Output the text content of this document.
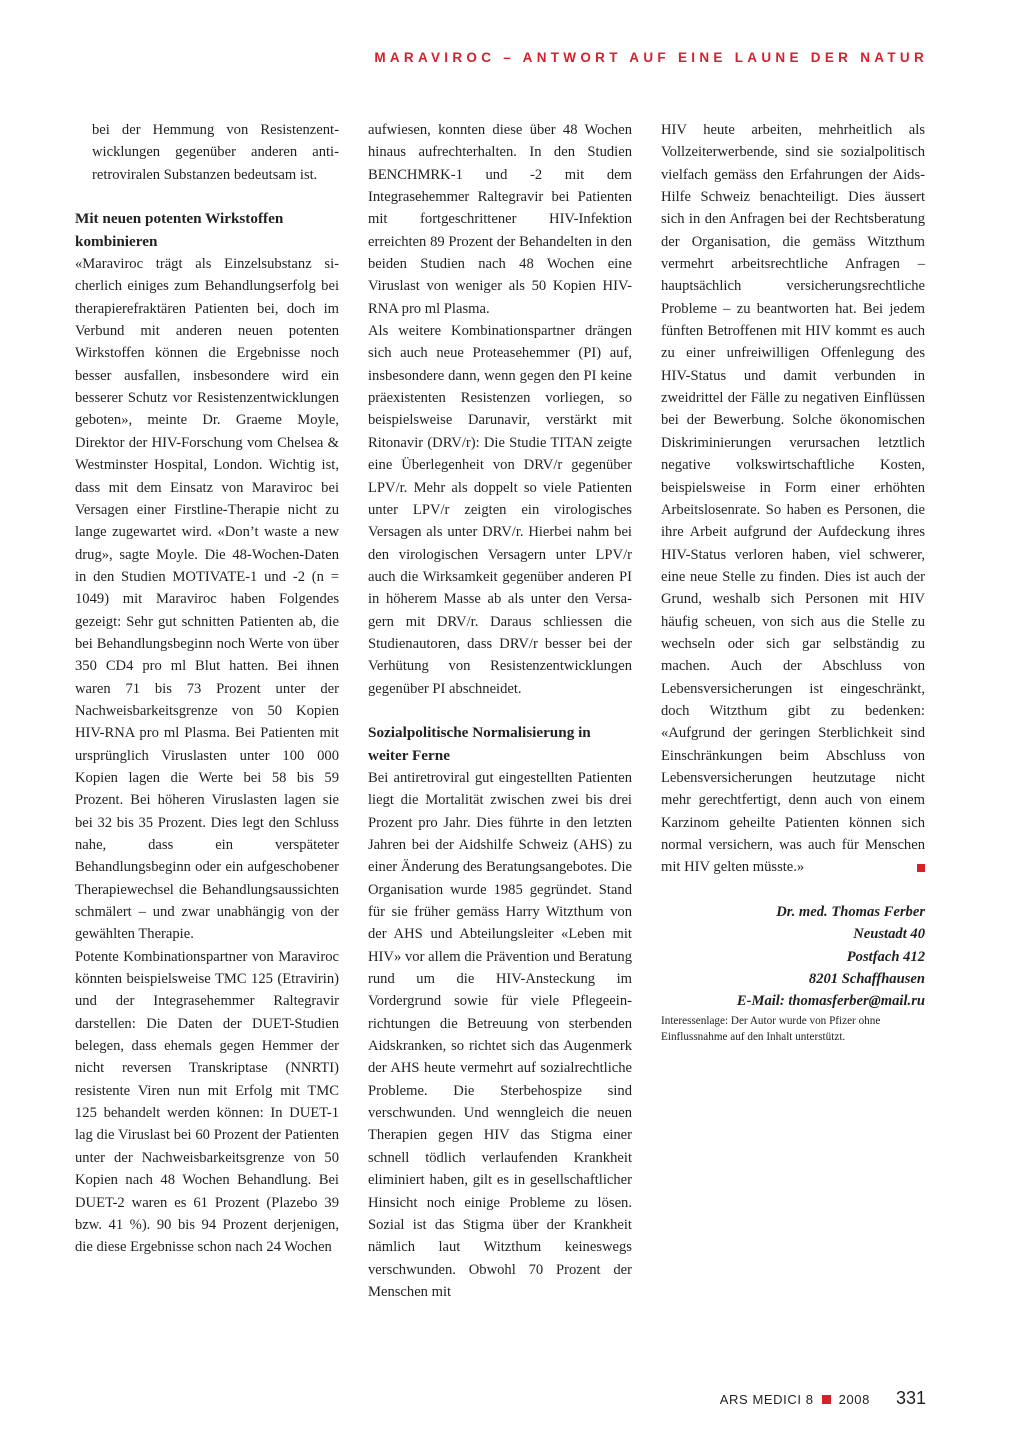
MARAVIROC – ANTWORT AUF EINE LAUNE DER NATUR

bei der Hemmung von Resistenzentwicklungen gegenüber anderen antiretroviralen Substanzen bedeutsam ist.

Mit neuen potenten Wirkstoffen kombinieren

«Maraviroc trägt als Einzelsubstanz sicherlich einiges zum Behandlungserfolg bei therapierefraktären Patienten bei, doch im Verbund mit anderen neuen potenten Wirkstoffen können die Ergebnisse noch besser ausfallen, insbesondere wird ein besserer Schutz vor Resistenzentwicklungen geboten», meinte Dr. Graeme Moyle, Direktor der HIV-Forschung vom Chelsea & Westminster Hospital, London. Wichtig ist, dass mit dem Einsatz von Maraviroc bei Versagen einer Firstline-Therapie nicht zu lange zugewartet wird. «Don’t waste a new drug», sagte Moyle. Die 48-Wochen-Daten in den Studien MOTIVATE-1 und -2 (n = 1049) mit Maraviroc haben Folgendes gezeigt: Sehr gut schnitten Patienten ab, die bei Behandlungsbeginn noch Werte von über 350 CD4 pro ml Blut hatten. Bei ihnen waren 71 bis 73 Prozent unter der Nachweisbarkeitsgrenze von 50 Kopien HIV-RNA pro ml Plasma. Bei Patienten mit ursprünglich Viruslasten unter 100 000 Kopien lagen die Werte bei 58 bis 59 Prozent. Bei höheren Viruslasten lagen sie bei 32 bis 35 Prozent. Dies legt den Schluss nahe, dass ein verspäteter Behandlungsbeginn oder ein aufgeschobener Therapiewechsel die Behandlungsaussichten schmälert – und zwar unabhängig von der gewählten Therapie.

Potente Kombinationspartner von Maraviroc könnten beispielsweise TMC 125 (Etravirin) und der Integrasehemmer Raltegravir darstellen: Die Daten der DUET-Studien belegen, dass ehemals gegen Hemmer der nicht reversen Transkriptase (NNRTI) resistente Viren nun mit Erfolg mit TMC 125 behandelt werden können: In DUET-1 lag die Viruslast bei 60 Prozent der Patienten unter der Nachweisbarkeitsgrenze von 50 Kopien nach 48 Wochen Behandlung. Bei DUET-2 waren es 61 Prozent (Plazebo 39 bzw. 41 %). 90 bis 94 Prozent derjenigen, die diese Ergebnisse schon nach 24 Wochen

aufwiesen, konnten diese über 48 Wochen hinaus aufrechterhalten. In den Studien BENCHMRK-1 und -2 mit dem Integrasehemmer Raltegravir bei Patienten mit fortgeschrittener HIV-Infektion erreichten 89 Prozent der Behandelten in den beiden Studien nach 48 Wochen eine Viruslast von weniger als 50 Kopien HIV-RNA pro ml Plasma.

Als weitere Kombinationspartner drängen sich auch neue Proteasehemmer (PI) auf, insbesondere dann, wenn gegen den PI keine präexistenten Resistenzen vorliegen, so beispielsweise Darunavir, verstärkt mit Ritonavir (DRV/r): Die Studie TITAN zeigte eine Überlegenheit von DRV/r gegenüber LPV/r. Mehr als doppelt so viele Patienten unter LPV/r zeigten ein virologisches Versagen als unter DRV/r. Hierbei nahm bei den virologischen Versagern unter LPV/r auch die Wirksamkeit gegenüber anderen PI in höherem Masse ab als unter den Versagern mit DRV/r. Daraus schliessen die Studienautoren, dass DRV/r besser bei der Verhütung von Resistenzentwicklungen gegenüber PI abschneidet.

Sozialpolitische Normalisierung in weiter Ferne

Bei antiretroviral gut eingestellten Patienten liegt die Mortalität zwischen zwei bis drei Prozent pro Jahr. Dies führte in den letzten Jahren bei der Aidshilfe Schweiz (AHS) zu einer Änderung des Beratungsangebotes. Die Organisation wurde 1985 gegründet. Stand für sie früher gemäss Harry Witzthum von der AHS und Abteilungsleiter «Leben mit HIV» vor allem die Prävention und Beratung rund um die HIV-Ansteckung im Vordergrund sowie für viele Pflegeeinrichtungen die Betreuung von sterbenden Aidskranken, so richtet sich das Augenmerk der AHS heute vermehrt auf sozialrechtliche Probleme. Die Sterbehospize sind verschwunden. Und wenngleich die neuen Therapien gegen HIV das Stigma einer schnell tödlich verlaufenden Krankheit eliminiert haben, gilt es in gesellschaftlicher Hinsicht noch einige Probleme zu lösen. Sozial ist das Stigma über der Krankheit nämlich laut Witzthum keineswegs verschwunden. Obwohl 70 Prozent der Menschen mit

HIV heute arbeiten, mehrheitlich als Vollzeiterwerbende, sind sie sozialpolitisch vielfach gemäss den Erfahrungen der Aids-Hilfe Schweiz benachteiligt. Dies äussert sich in den Anfragen bei der Rechtsberatung der Organisation, die gemäss Witzthum vermehrt arbeitsrechtliche Anfragen – hauptsächlich versicherungsrechtliche Probleme – zu beantworten hat. Bei jedem fünften Betroffenen mit HIV kommt es auch zu einer unfreiwilligen Offenlegung des HIV-Status und damit verbunden in zweidrittel der Fälle zu negativen Einflüssen bei der Bewerbung. Solche ökonomischen Diskriminierungen verursachen letztlich negative volkswirtschaftliche Kosten, beispielsweise in Form einer erhöhten Arbeitslosenrate. So haben es Personen, die ihre Arbeit aufgrund der Aufdeckung ihres HIV-Status verloren haben, viel schwerer, eine neue Stelle zu finden. Dies ist auch der Grund, weshalb sich Personen mit HIV häufig scheuen, von sich aus die Stelle zu wechseln oder sich gar selbständig zu machen. Auch der Abschluss von Lebensversicherungen ist eingeschränkt, doch Witzthum gibt zu bedenken: «Aufgrund der geringen Sterblichkeit sind Einschränkungen beim Abschluss von Lebensversicherungen heutzutage nicht mehr gerechtfertigt, denn auch von einem Karzinom geheilte Patienten können sich normal versichern, was auch für Menschen mit HIV gelten müsste.»

Dr. med. Thomas Ferber
Neustadt 40
Postfach 412
8201 Schaffhausen
E-Mail: thomasferber@mail.ru

Interessenlage: Der Autor wurde von Pfizer ohne Einflussnahme auf den Inhalt unterstützt.

ARS MEDICI 8 2008 331
